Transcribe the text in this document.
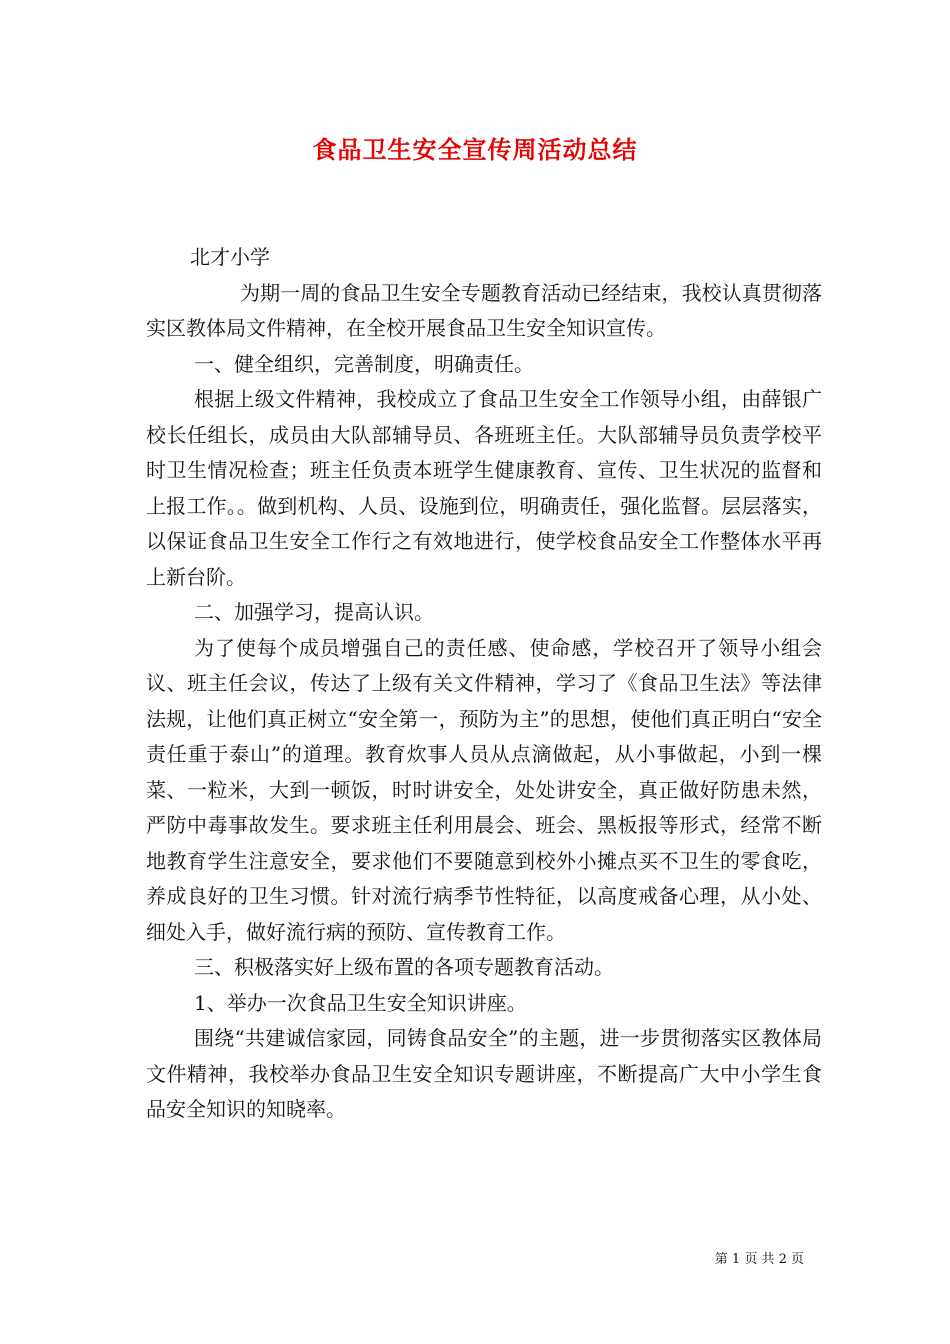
食品卫生安全宣传周活动总结

北才小学

为期一周的食品卫生安全专题教育活动已经结束，我校认真贯彻落实区教体局文件精神，在全校开展食品卫生安全知识宣传。

一、健全组织，完善制度，明确责任。

根据上级文件精神，我校成立了食品卫生安全工作领导小组，由薛银广校长任组长，成员由大队部辅导员、各班班主任。大队部辅导员负责学校平时卫生情况检查；班主任负责本班学生健康教育、宣传、卫生状况的监督和上报工作。。做到机构、人员、设施到位，明确责任，强化监督。层层落实，以保证食品卫生安全工作行之有效地进行，使学校食品安全工作整体水平再上新台阶。

二、加强学习，提高认识。

为了使每个成员增强自己的责任感、使命感，学校召开了领导小组会议、班主任会议，传达了上级有关文件精神，学习了《食品卫生法》等法律法规，让他们真正树立“安全第一，预防为主”的思想，使他们真正明白“安全责任重于泰山”的道理。教育炊事人员从点滴做起，从小事做起，小到一棵菜、一粒米，大到一顿饭，时时讲安全，处处讲安全，真正做好防患未然，严防中毒事故发生。要求班主任利用晨会、班会、黑板报等形式，经常不断地教育学生注意安全，要求他们不要随意到校外小摊点买不卫生的零食吃，养成良好的卫生习惯。针对流行病季节性特征，以高度戒备心理，从小处、细处入手，做好流行病的预防、宣传教育工作。

三、积极落实好上级布置的各项专题教育活动。

1、举办一次食品卫生安全知识讲座。

围绕“共建诚信家园，同铸食品安全”的主题，进一步贯彻落实区教体局文件精神，我校举办食品卫生安全知识专题讲座，不断提高广大中小学生食品安全知识的知晓率。

第 1 页 共 2 页
